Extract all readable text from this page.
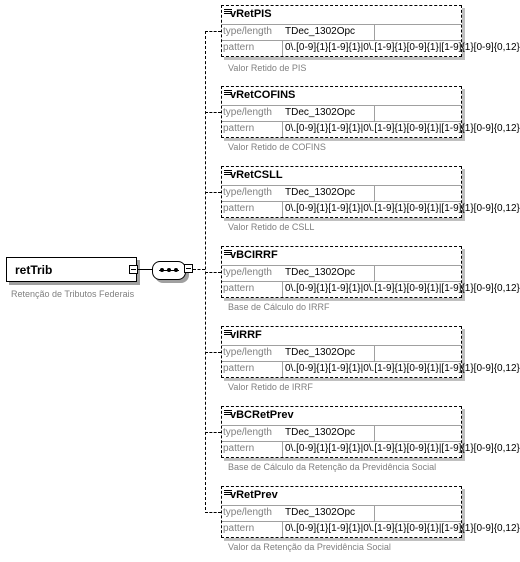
retTrib
Retenção de Tributos Federais
vRetPIS
type/length	TDec_1302Opc
pattern	0\.[0-9]{1}[1-9]{1}|0\.[1-9]{1}[0-9]{1}|[1-9]{1}[0-9]{0,12}
Valor Retido de PIS
vRetCOFINS
type/length	TDec_1302Opc
pattern	0\.[0-9]{1}[1-9]{1}|0\.[1-9]{1}[0-9]{1}|[1-9]{1}[0-9]{0,12}
Valor Retido de COFINS
vRetCSLL
type/length	TDec_1302Opc
pattern	0\.[0-9]{1}[1-9]{1}|0\.[1-9]{1}[0-9]{1}|[1-9]{1}[0-9]{0,12}
Valor Retido de CSLL
vBCIRRF
type/length	TDec_1302Opc
pattern	0\.[0-9]{1}[1-9]{1}|0\.[1-9]{1}[0-9]{1}|[1-9]{1}[0-9]{0,12}
Base de Cálculo do IRRF
vIRRF
type/length	TDec_1302Opc
pattern	0\.[0-9]{1}[1-9]{1}|0\.[1-9]{1}[0-9]{1}|[1-9]{1}[0-9]{0,12}
Valor Retido de IRRF
vBCRetPrev
type/length	TDec_1302Opc
pattern	0\.[0-9]{1}[1-9]{1}|0\.[1-9]{1}[0-9]{1}|[1-9]{1}[0-9]{0,12}
Base de Cálculo da Retenção da Previdência Social
vRetPrev
type/length	TDec_1302Opc
pattern	0\.[0-9]{1}[1-9]{1}|0\.[1-9]{1}[0-9]{1}|[1-9]{1}[0-9]{0,12}
Valor da Retenção da Previdência Social
